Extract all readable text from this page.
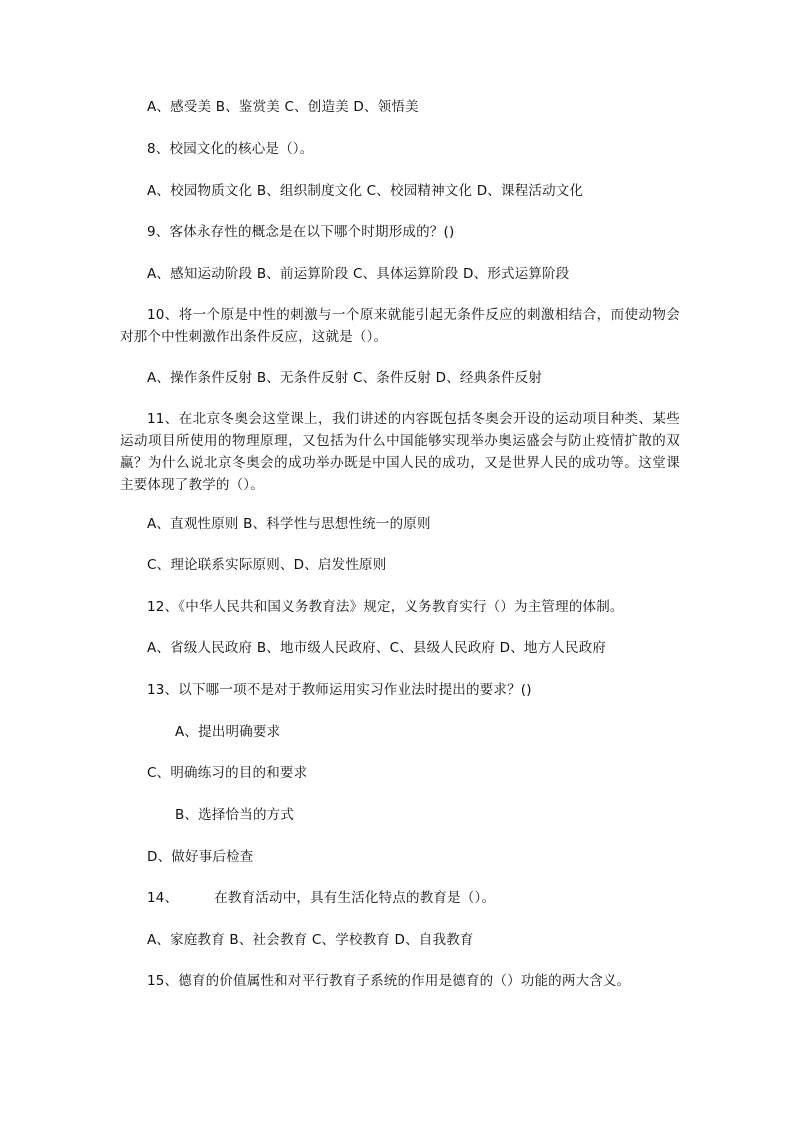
A、感受美 B、鉴赏美 C、创造美 D、领悟美
8、校园文化的核心是（）。
A、校园物质文化 B、组织制度文化 C、校园精神文化 D、课程活动文化
9、客体永存性的概念是在以下哪个时期形成的？()
A、感知运动阶段 B、前运算阶段 C、具体运算阶段 D、形式运算阶段
10、将一个原是中性的刺激与一个原来就能引起无条件反应的刺激相结合，而使动物会对那个中性刺激作出条件反应，这就是（）。
A、操作条件反射 B、无条件反射 C、条件反射 D、经典条件反射
11、在北京冬奥会这堂课上，我们讲述的内容既包括冬奥会开设的运动项目种类、某些运动项目所使用的物理原理，又包括为什么中国能够实现举办奥运盛会与防止疫情扩散的双赢？为什么说北京冬奥会的成功举办既是中国人民的成功，又是世界人民的成功等。这堂课主要体现了教学的（）。
A、直观性原则 B、科学性与思想性统一的原则
C、理论联系实际原则、D、启发性原则
12、《中华人民共和国义务教育法》规定，义务教育实行（）为主管理的体制。
A、省级人民政府 B、地市级人民政府、C、县级人民政府 D、地方人民政府
13、以下哪一项不是对于教师运用实习作业法时提出的要求？()
A、提出明确要求
C、明确练习的目的和要求
B、选择恰当的方式
D、做好事后检查
14、        在教育活动中，具有生活化特点的教育是（）。
A、家庭教育 B、社会教育 C、学校教育 D、自我教育
15、德育的价值属性和对平行教育子系统的作用是德育的（）功能的两大含义。
